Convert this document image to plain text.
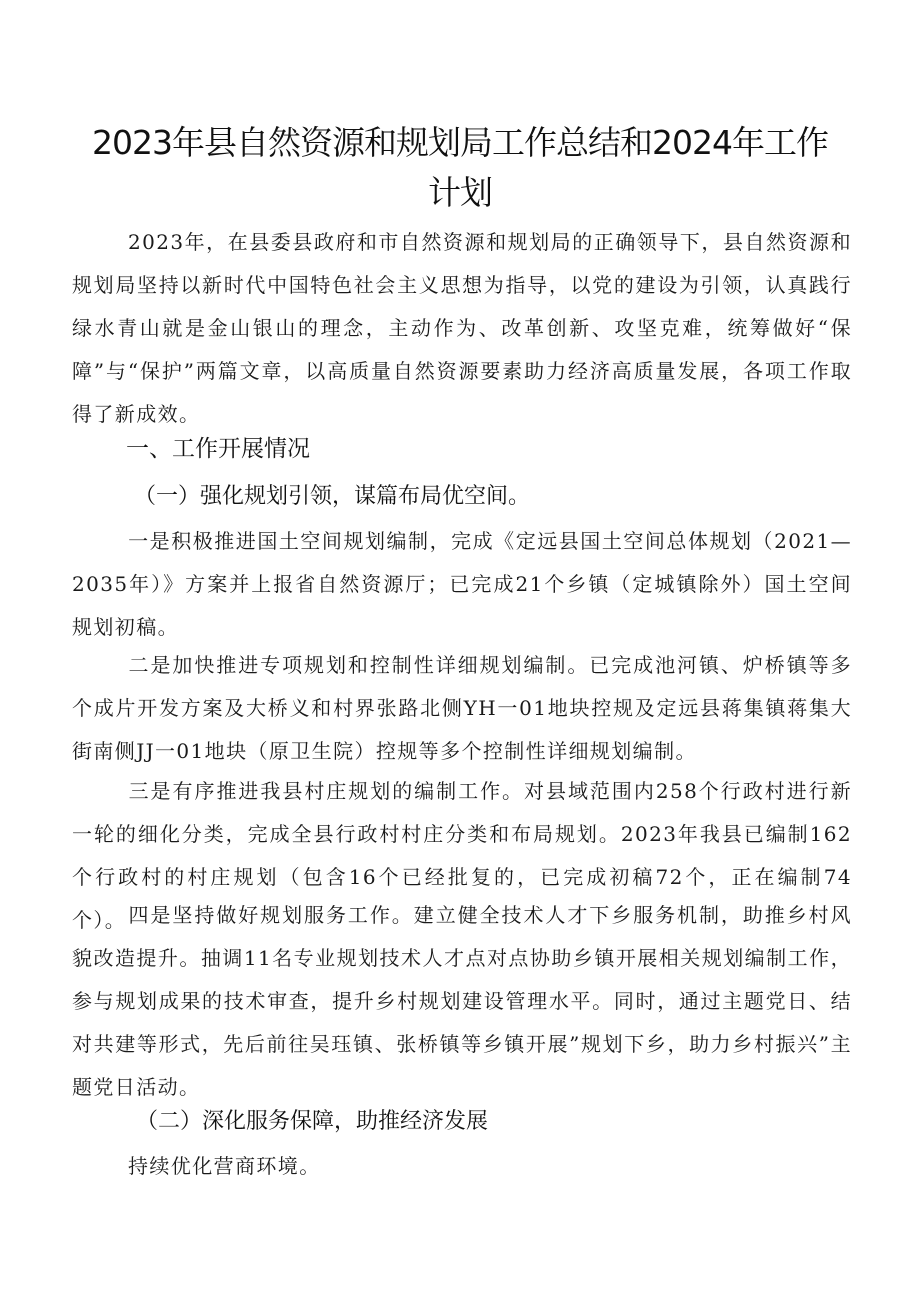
2023年县自然资源和规划局工作总结和2024年工作
计划
2023年，在县委县政府和市自然资源和规划局的正确领导下，县自然资源和规划局坚持以新时代中国特色社会主义思想为指导，以党的建设为引领，认真践行绿水青山就是金山银山的理念，主动作为、改革创新、攻坚克难，统筹做好“保障”与“保护”两篇文章，以高质量自然资源要素助力经济高质量发展，各项工作取得了新成效。
一、工作开展情况
（一）强化规划引领，谋篇布局优空间。
一是积极推进国土空间规划编制，完成《定远县国土空间总体规划（2021—2035年）》方案并上报省自然资源厅；已完成21个乡镇（定城镇除外）国土空间规划初稿。
二是加快推进专项规划和控制性详细规划编制。已完成池河镇、炉桥镇等多个成片开发方案及大桥义和村界张路北侧YH一01地块控规及定远县蒋集镇蒋集大街南侧JJ一01地块（原卫生院）控规等多个控制性详细规划编制。
三是有序推进我县村庄规划的编制工作。对县域范围内258个行政村进行新一轮的细化分类，完成全县行政村村庄分类和布局规划。2023年我县已编制162个行政村的村庄规划（包含16个已经批复的，已完成初稿72个，正在编制74个）。 四是坚持做好规划服务工作。建立健全技术人才下乡服务机制，助推乡村风貌改造提升。抽调11名专业规划技术人才点对点协助乡镇开展相关规划编制工作，参与规划成果的技术审查，提升乡村规划建设管理水平。同时，通过主题党日、结对共建等形式，先后前往吴珏镇、张桥镇等乡镇开展”规划下乡，助力乡村振兴”主题党日活动。
（二）深化服务保障，助推经济发展
持续优化营商环境。
